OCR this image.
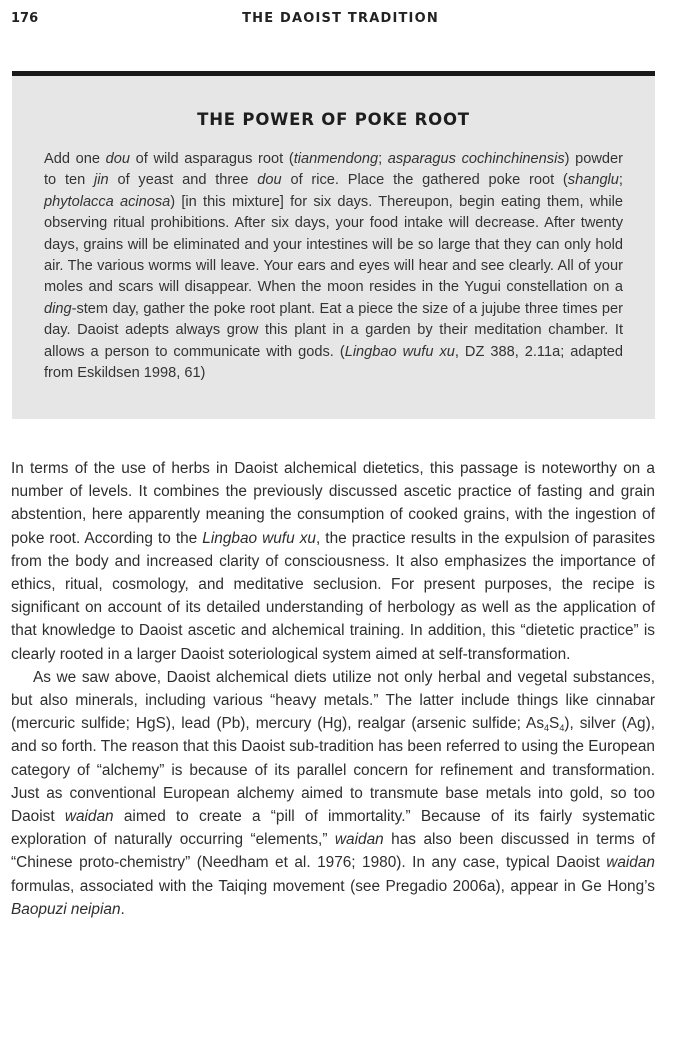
176	THE DAOIST TRADITION
THE POWER OF POKE ROOT

Add one dou of wild asparagus root (tianmendong; asparagus cochinchinensis) powder to ten jin of yeast and three dou of rice. Place the gathered poke root (shanglu; phytolacca acinosa) [in this mixture] for six days. Thereupon, begin eating them, while observing ritual prohibitions. After six days, your food intake will decrease. After twenty days, grains will be eliminated and your intestines will be so large that they can only hold air. The various worms will leave. Your ears and eyes will hear and see clearly. All of your moles and scars will disappear. When the moon resides in the Yugui constellation on a ding-stem day, gather the poke root plant. Eat a piece the size of a jujube three times per day. Daoist adepts always grow this plant in a garden by their meditation chamber. It allows a person to communicate with gods. (Lingbao wufu xu, DZ 388, 2.11a; adapted from Eskildsen 1998, 61)

In terms of the use of herbs in Daoist alchemical dietetics, this passage is noteworthy on a number of levels. It combines the previously discussed ascetic practice of fasting and grain abstention, here apparently meaning the consumption of cooked grains, with the ingestion of poke root. According to the Lingbao wufu xu, the practice results in the expulsion of parasites from the body and increased clarity of consciousness. It also emphasizes the importance of ethics, ritual, cosmology, and meditative seclusion. For present purposes, the recipe is significant on account of its detailed understanding of herbology as well as the application of that knowledge to Daoist ascetic and alchemical training. In addition, this “dietetic practice” is clearly rooted in a larger Daoist soteriological system aimed at self-transformation.

As we saw above, Daoist alchemical diets utilize not only herbal and vegetal substances, but also minerals, including various “heavy metals.” The latter include things like cinnabar (mercuric sulfide; HgS), lead (Pb), mercury (Hg), realgar (arsenic sulfide; $As_4S_4$), silver (Ag), and so forth. The reason that this Daoist sub-tradition has been referred to using the European category of “alchemy” is because of its parallel concern for refinement and transformation. Just as conventional European alchemy aimed to transmute base metals into gold, so too Daoist waidan aimed to create a “pill of immortality.” Because of its fairly systematic exploration of naturally occurring “elements,” waidan has also been discussed in terms of “Chinese proto-chemistry” (Needham et al. 1976; 1980). In any case, typical Daoist waidan formulas, associated with the Taiqing movement (see Pregadio 2006a), appear in Ge Hong’s Baopuzi neipian.
